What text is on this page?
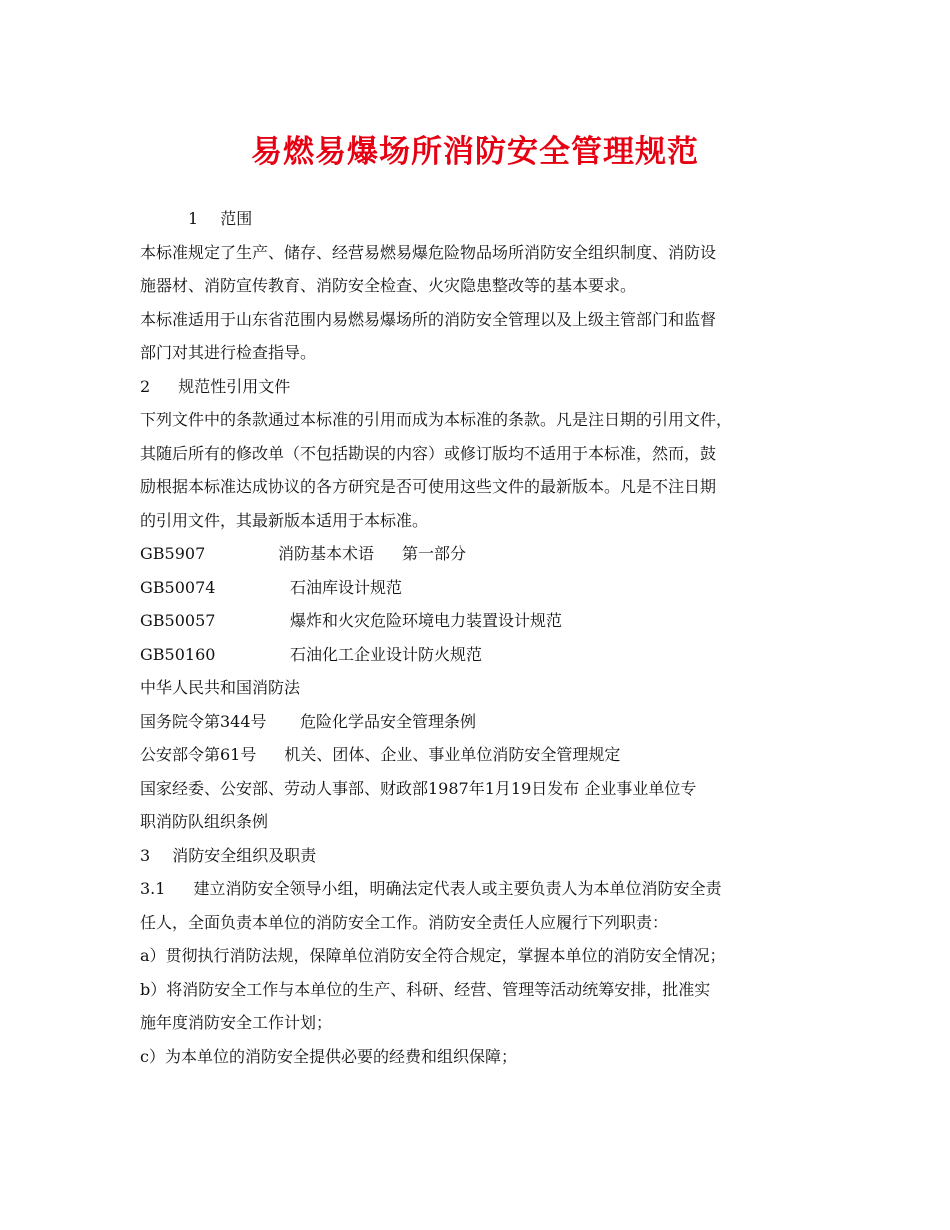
易燃易爆场所消防安全管理规范
1 范围
本标准规定了生产、储存、经营易燃易爆危险物品场所消防安全组织制度、消防设
施器材、消防宣传教育、消防安全检查、火灾隐患整改等的基本要求。
本标准适用于山东省范围内易燃易爆场所的消防安全管理以及上级主管部门和监督
部门对其进行检查指导。
2 规范性引用文件
下列文件中的条款通过本标准的引用而成为本标准的条款。凡是注日期的引用文件，
其随后所有的修改单（不包括勘误的内容）或修订版均不适用于本标准，然而，鼓
励根据本标准达成协议的各方研究是否可使用这些文件的最新版本。凡是不注日期
的引用文件，其最新版本适用于本标准。
GB5907	消防基本术语 第一部分
GB50074	石油库设计规范
GB50057	爆炸和火灾危险环境电力装置设计规范
GB50160	石油化工企业设计防火规范
中华人民共和国消防法
国务院令第344号 危险化学品安全管理条例
公安部令第61号 机关、团体、企业、事业单位消防安全管理规定
国家经委、公安部、劳动人事部、财政部1987年1月19日发布 企业事业单位专
职消防队组织条例
3 消防安全组织及职责
3.1 建立消防安全领导小组，明确法定代表人或主要负责人为本单位消防安全责
任人，全面负责本单位的消防安全工作。消防安全责任人应履行下列职责：
a）贯彻执行消防法规，保障单位消防安全符合规定，掌握本单位的消防安全情况；
b）将消防安全工作与本单位的生产、科研、经营、管理等活动统筹安排，批准实
施年度消防安全工作计划；
c）为本单位的消防安全提供必要的经费和组织保障；
